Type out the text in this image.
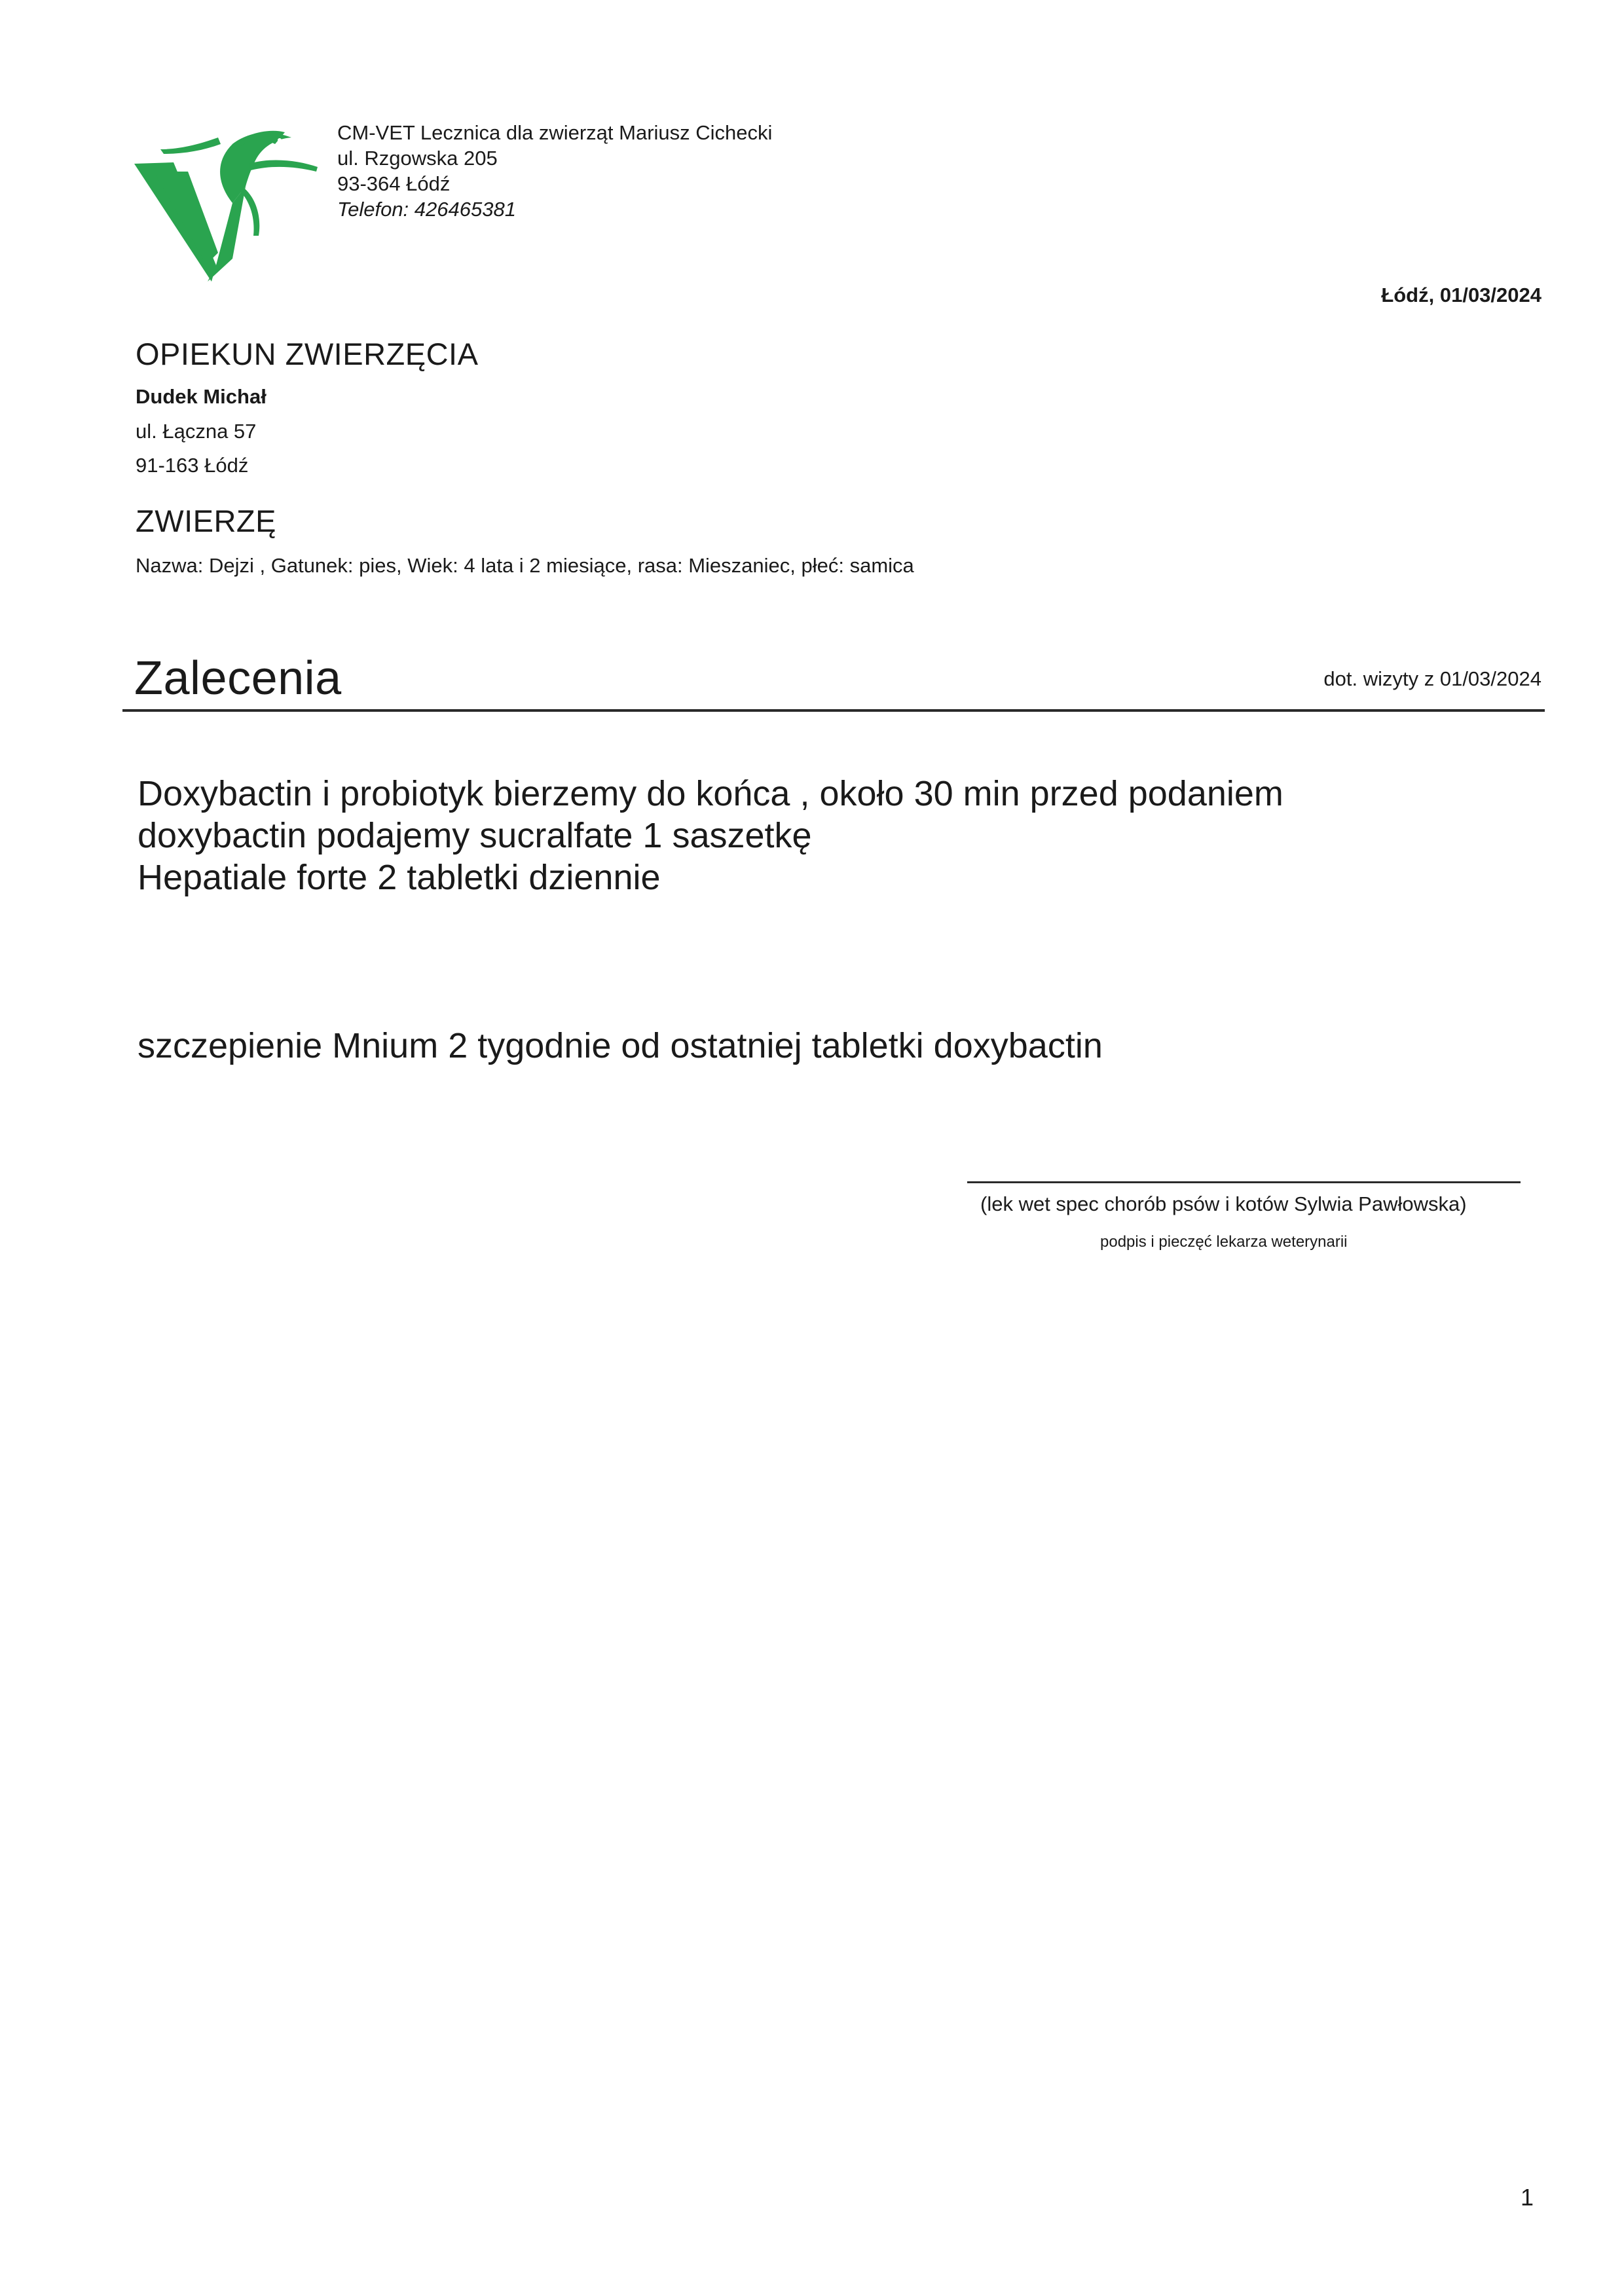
CM-VET Lecznica dla zwierząt Mariusz Cichecki
ul. Rzgowska 205
93-364 Łódź
Telefon: 426465381
Łódź, 01/03/2024
OPIEKUN ZWIERZĘCIA
Dudek Michał
ul. Łączna 57
91-163 Łódź
ZWIERZĘ
Nazwa: Dejzi , Gatunek: pies, Wiek: 4 lata i 2 miesiące, rasa: Mieszaniec, płeć: samica
Zalecenia	dot. wizyty z 01/03/2024
Doxybactin i probiotyk bierzemy do końca , około 30 min przed podaniem
doxybactin podajemy sucralfate 1 saszetkę
Hepatiale forte 2 tabletki dziennie
szczepienie Mnium 2 tygodnie od ostatniej tabletki doxybactin
(lek wet spec chorób psów i kotów Sylwia Pawłowska)
podpis i pieczęć lekarza weterynarii
1
